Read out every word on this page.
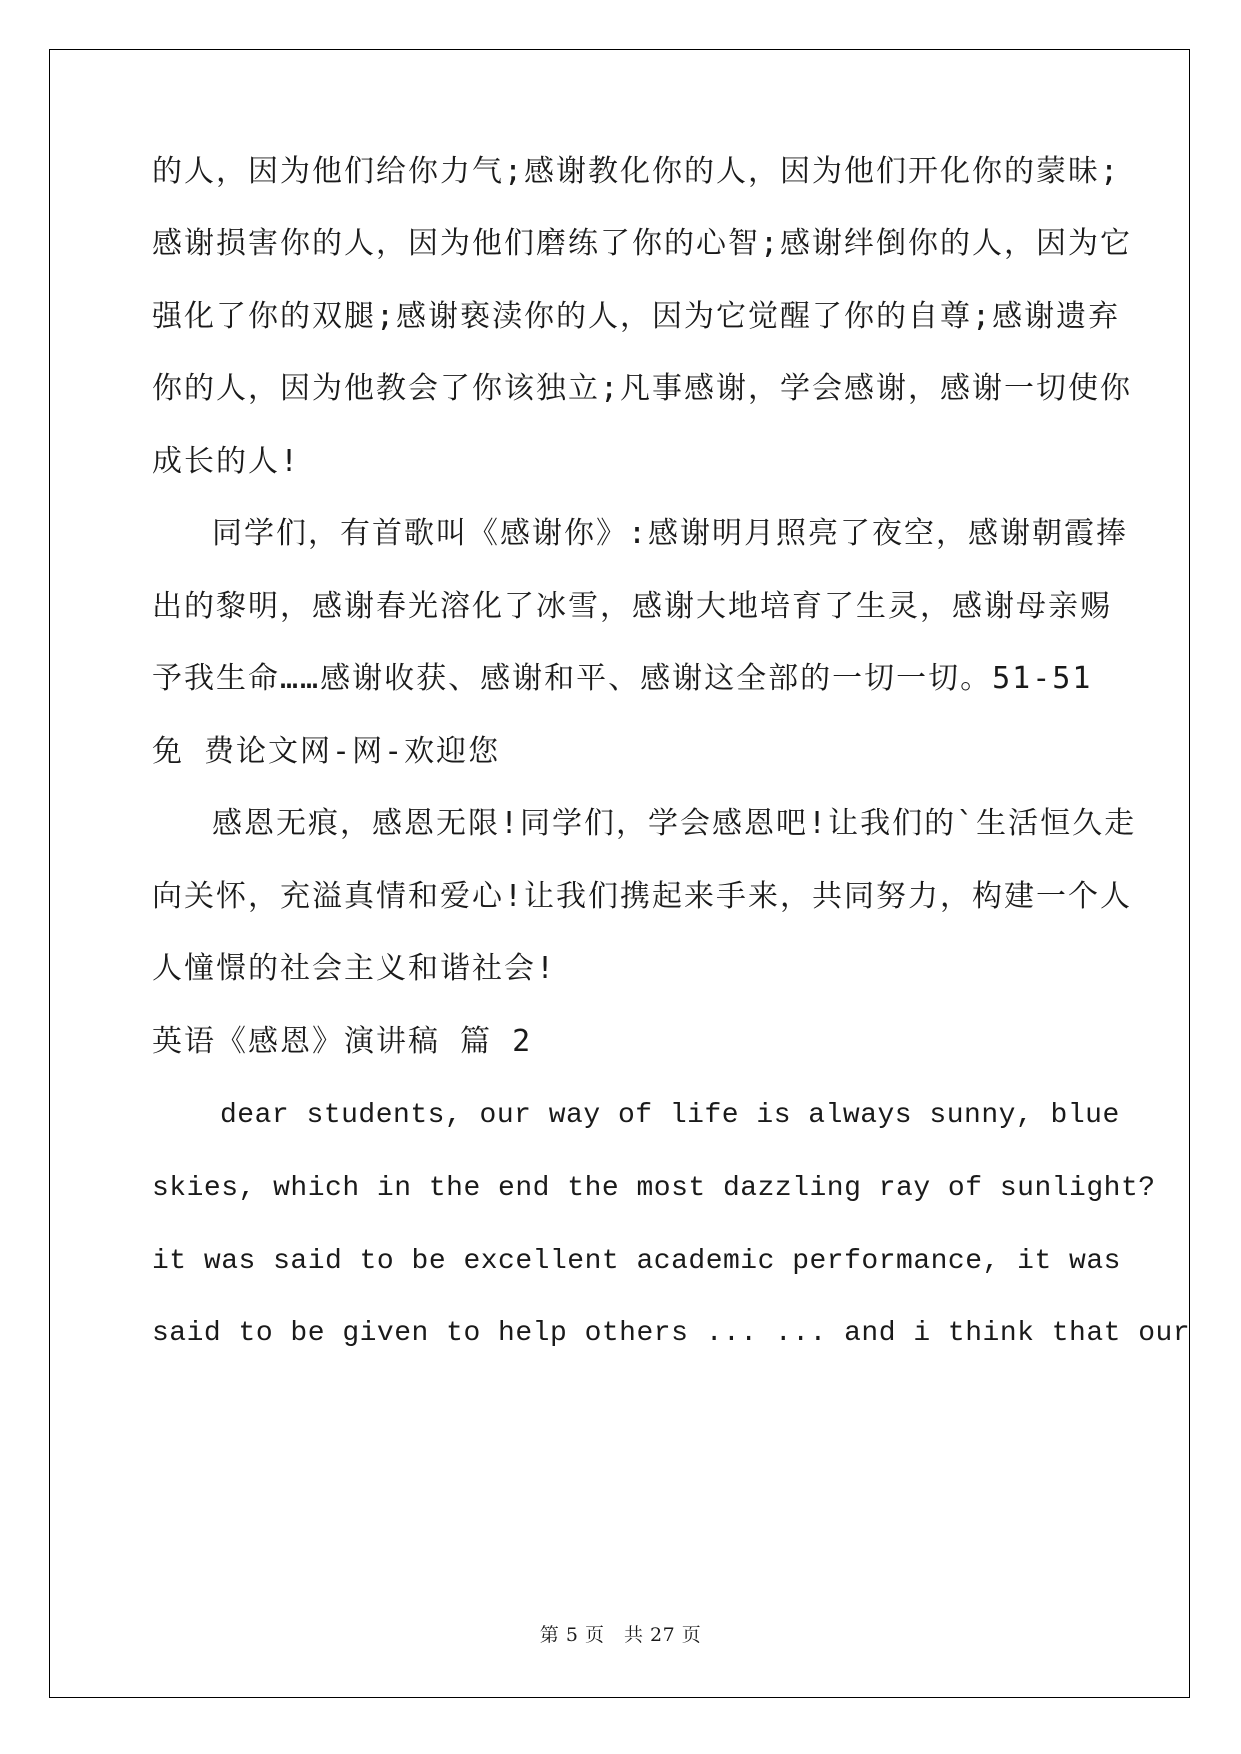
的人，因为他们给你力气;感谢教化你的人，因为他们开化你的蒙昧;
感谢损害你的人，因为他们磨练了你的心智;感谢绊倒你的人，因为它
强化了你的双腿;感谢亵渎你的人，因为它觉醒了你的自尊;感谢遗弃
你的人，因为他教会了你该独立;凡事感谢，学会感谢，感谢一切使你
成长的人!
同学们，有首歌叫《感谢你》:感谢明月照亮了夜空，感谢朝霞捧
出的黎明，感谢春光溶化了冰雪，感谢大地培育了生灵，感谢母亲赐
予我生命……感谢收获、感谢和平、感谢这全部的一切一切。51-51
免 费论文网-网-欢迎您
感恩无痕，感恩无限!同学们，学会感恩吧!让我们的`生活恒久走
向关怀，充溢真情和爱心!让我们携起来手来，共同努力，构建一个人
人憧憬的社会主义和谐社会!
英语《感恩》演讲稿 篇 2
dear students, our way of life is always sunny, blue
skies, which in the end the most dazzling ray of sunlight?
it was said to be excellent academic performance, it was
said to be given to help others ... ... and i think that our
第 5 页　共 27 页
